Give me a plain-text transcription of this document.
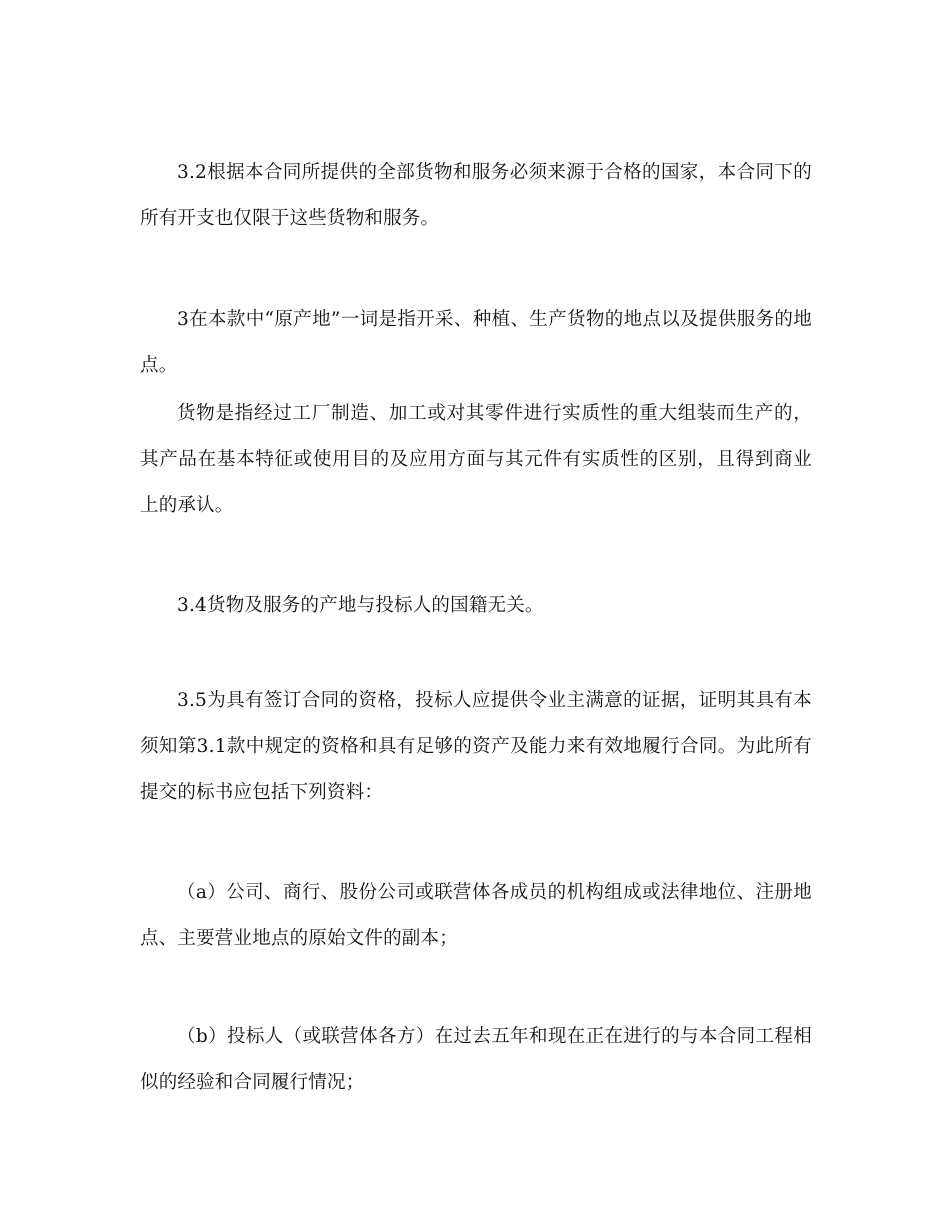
3.2根据本合同所提供的全部货物和服务必须来源于合格的国家，本合同下的所有开支也仅限于这些货物和服务。

3在本款中“原产地”一词是指开采、种植、生产货物的地点以及提供服务的地点。

货物是指经过工厂制造、加工或对其零件进行实质性的重大组装而生产的，其产品在基本特征或使用目的及应用方面与其元件有实质性的区别，且得到商业上的承认。

3.4货物及服务的产地与投标人的国籍无关。

3.5为具有签订合同的资格，投标人应提供令业主满意的证据，证明其具有本须知第3.1款中规定的资格和具有足够的资产及能力来有效地履行合同。为此所有提交的标书应包括下列资料：

（a）公司、商行、股份公司或联营体各成员的机构组成或法律地位、注册地点、主要营业地点的原始文件的副本；

（b）投标人（或联营体各方）在过去五年和现在正在进行的与本合同工程相似的经验和合同履行情况；
